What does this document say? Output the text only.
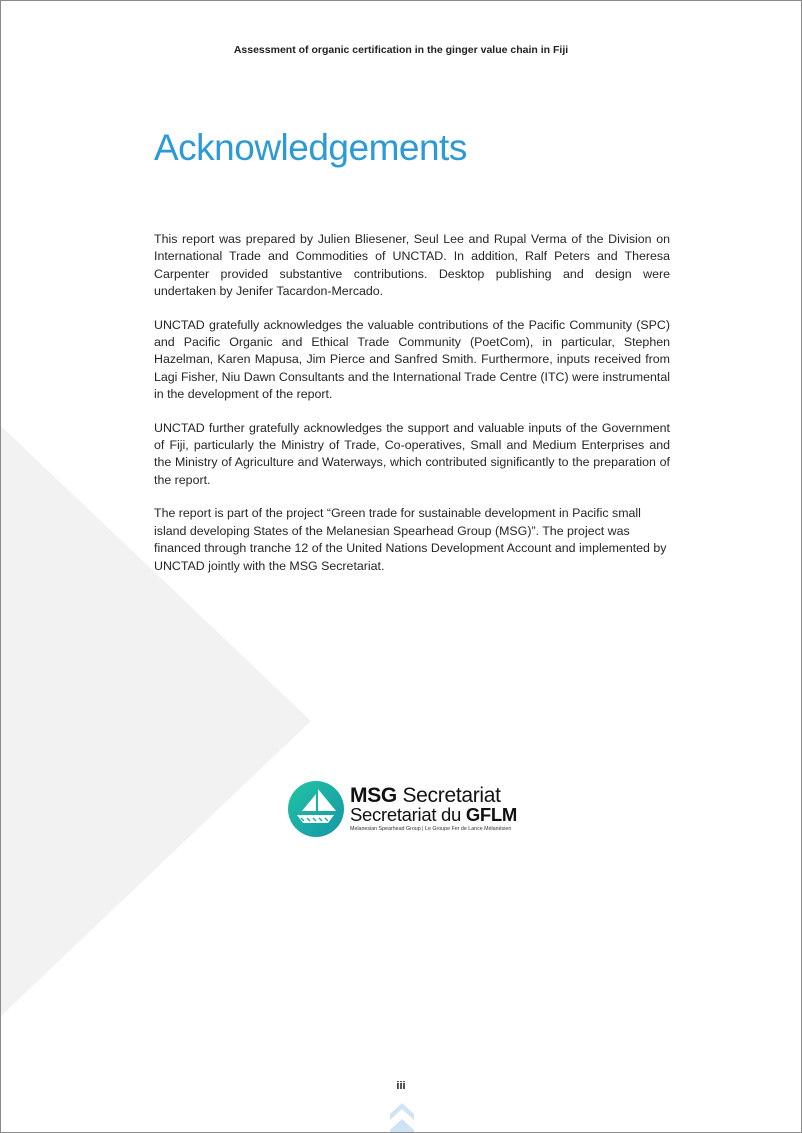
Assessment of organic certification in the ginger value chain in Fiji
Acknowledgements

This report was prepared by Julien Bliesener, Seul Lee and Rupal Verma of the Division on International Trade and Commodities of UNCTAD. In addition, Ralf Peters and Theresa Carpenter provided substantive contributions. Desktop publishing and design were undertaken by Jenifer Tacardon-Mercado.

UNCTAD gratefully acknowledges the valuable contributions of the Pacific Community (SPC) and Pacific Organic and Ethical Trade Community (PoetCom), in particular, Stephen Hazelman, Karen Mapusa, Jim Pierce and Sanfred Smith. Furthermore, inputs received from Lagi Fisher, Niu Dawn Consultants and the International Trade Centre (ITC) were instrumental in the development of the report.

UNCTAD further gratefully acknowledges the support and valuable inputs of the Government of Fiji, particularly the Ministry of Trade, Co-operatives, Small and Medium Enterprises and the Ministry of Agriculture and Waterways, which contributed significantly to the preparation of the report.

The report is part of the project “Green trade for sustainable development in Pacific small island developing States of the Melanesian Spearhead Group (MSG)”. The project was financed through tranche 12 of the United Nations Development Account and implemented by UNCTAD jointly with the MSG Secretariat.

MSG Secretariat
Secretariat du GFLM
Melanesian Spearhead Group | Le Groupe Fer de Lance Mélanésien
iii
